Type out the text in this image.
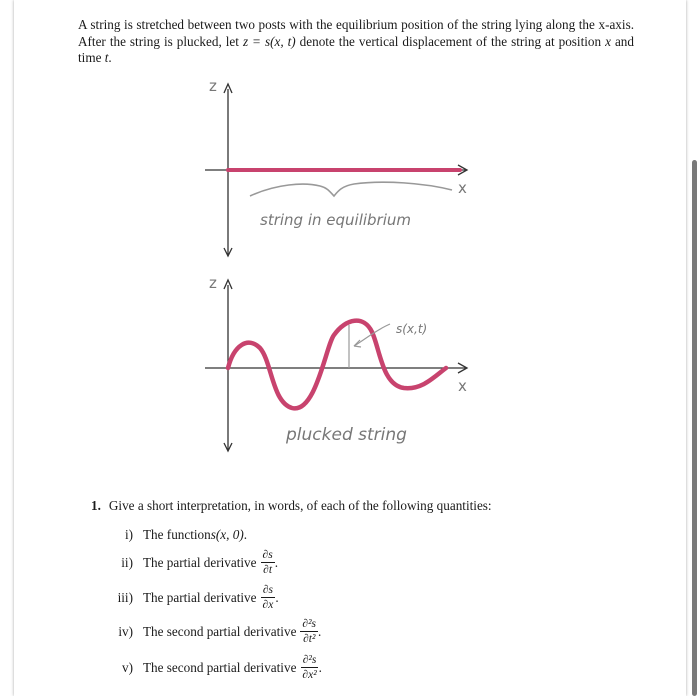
A string is stretched between two posts with the equilibrium position of the string lying along the x-axis. After the string is plucked, let z = s(x, t) denote the vertical displacement of the string at position x and time t.
z
x
string in equilibrium
z
x
s(x,t)
plucked string
1. Give a short interpretation, in words, of each of the following quantities:
i) The function s(x, 0) .
ii) The partial derivative $\frac{\partial s}{\partial t}$ .
iii) The partial derivative $\frac{\partial s}{\partial x}$ .
iv) The second partial derivative $\frac{\text{∂²s}}{\text{∂t²}}$ .
v) The second partial derivative $\frac{\text{∂²s}}{\text{∂x²}}$ .
